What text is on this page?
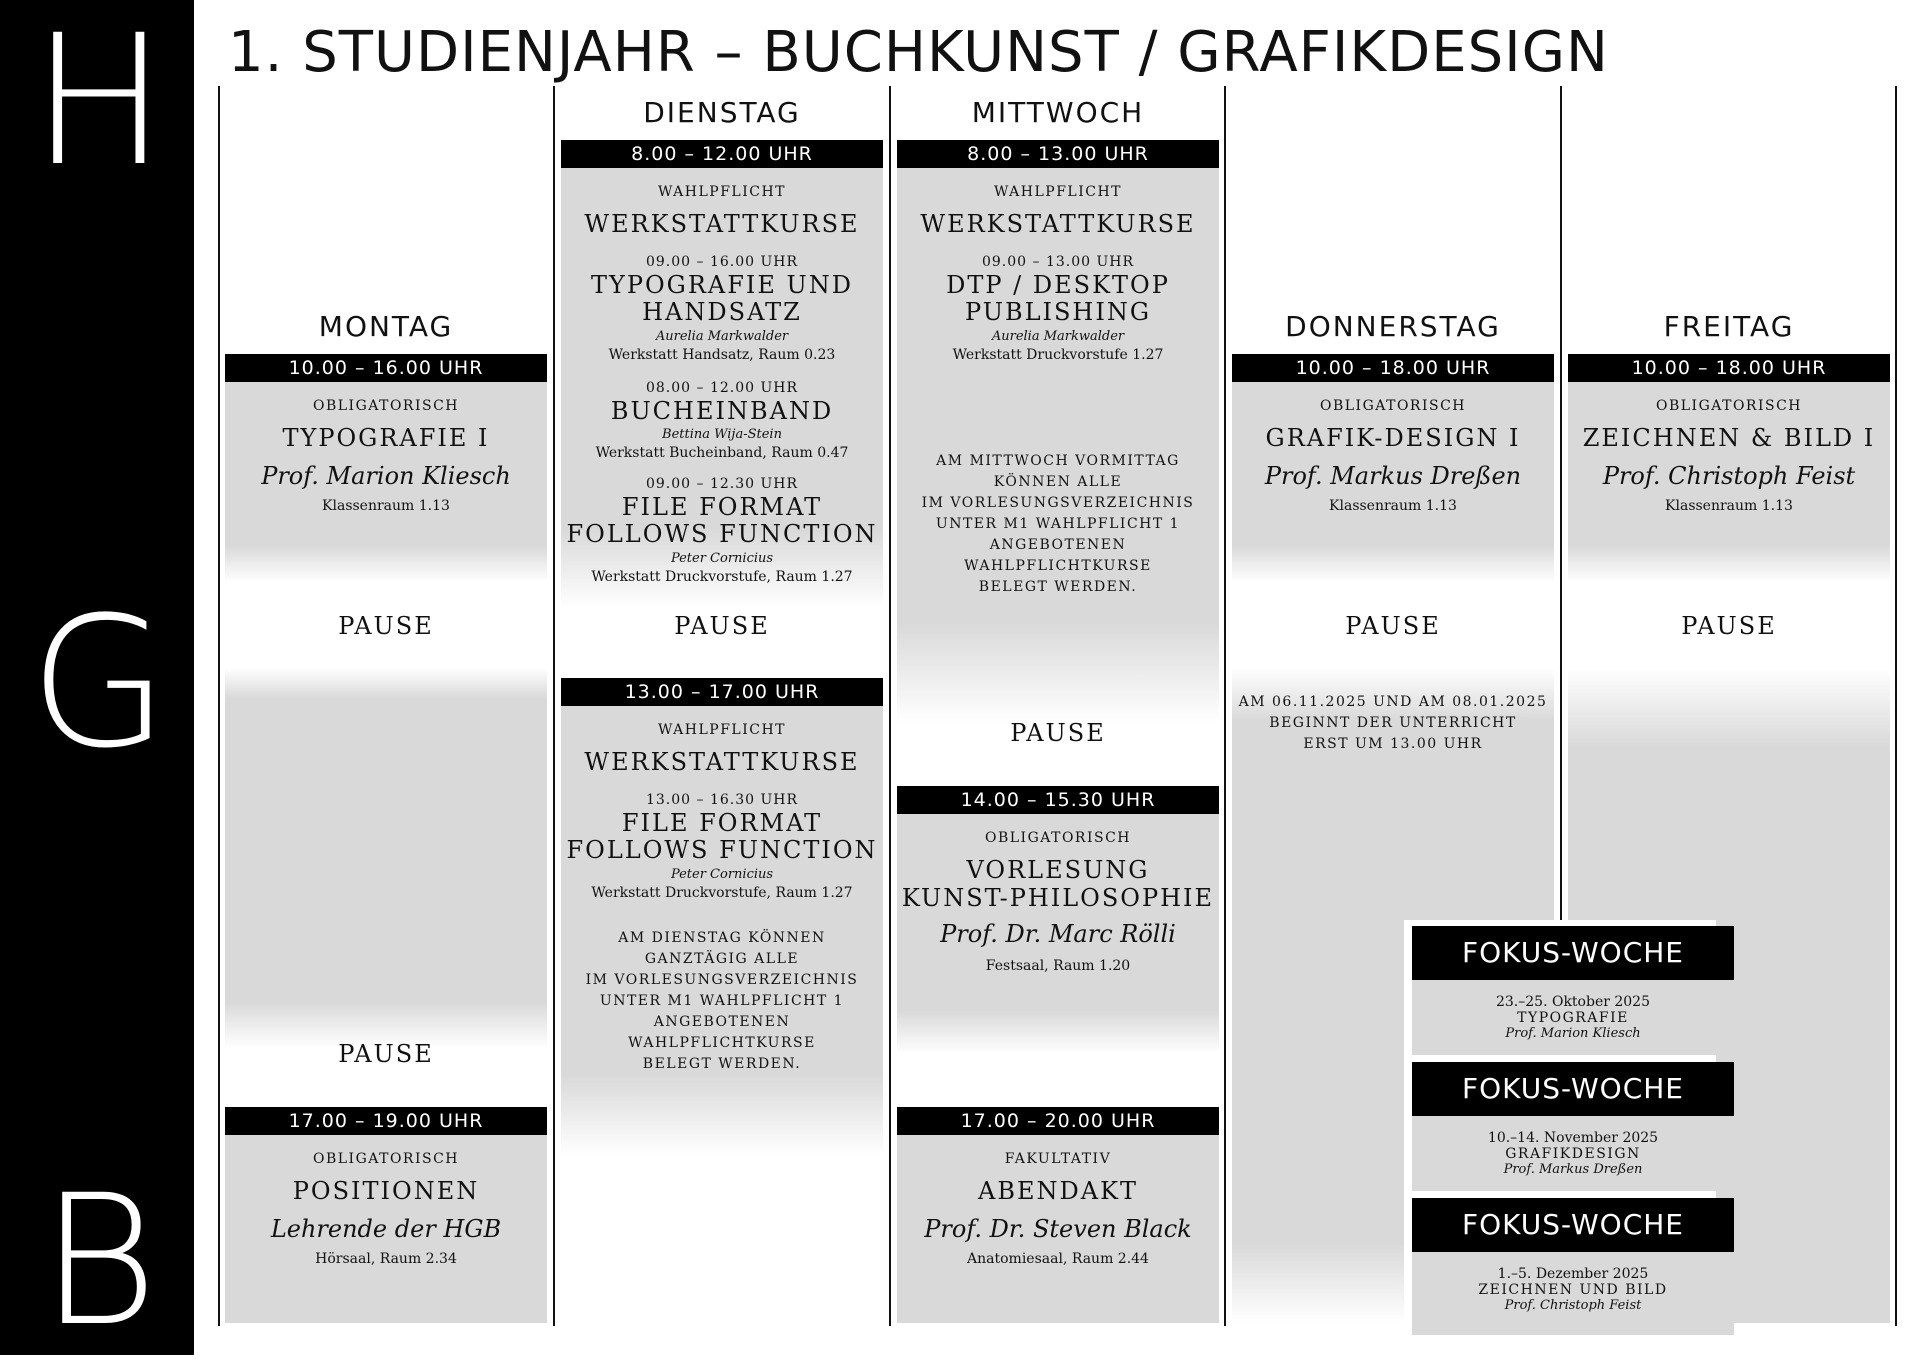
H
G
B
1. STUDIENJAHR – BUCHKUNST / GRAFIKDESIGN
MONTAG
10.00 – 16.00 UHR
OBLIGATORISCH
TYPOGRAFIE I
Prof. Marion Kliesch
Klassenraum 1.13
PAUSE
PAUSE
17.00 – 19.00 UHR
OBLIGATORISCH
POSITIONEN
Lehrende der HGB
Hörsaal, Raum 2.34
DIENSTAG
8.00 – 12.00 UHR
WAHLPFLICHT
WERKSTATTKURSE
09.00 – 16.00 UHR
TYPOGRAFIE UND
HANDSATZ
Aurelia Markwalder
Werkstatt Handsatz, Raum 0.23
08.00 – 12.00 UHR
BUCHEINBAND
Bettina Wija-Stein
Werkstatt Bucheinband, Raum 0.47
09.00 – 12.30 UHR
FILE FORMAT
FOLLOWS FUNCTION
Peter Cornicius
Werkstatt Druckvorstufe, Raum 1.27
PAUSE
13.00 – 17.00 UHR
WAHLPFLICHT
WERKSTATTKURSE
13.00 – 16.30 UHR
FILE FORMAT
FOLLOWS FUNCTION
Peter Cornicius
Werkstatt Druckvorstufe, Raum 1.27
AM DIENSTAG KÖNNEN
GANZTÄGIG ALLE
IM VORLESUNGSVERZEICHNIS
UNTER M1 WAHLPFLICHT 1
ANGEBOTENEN
WAHLPFLICHTKURSE
BELEGT WERDEN.
MITTWOCH
8.00 – 13.00 UHR
WAHLPFLICHT
WERKSTATTKURSE
09.00 – 13.00 UHR
DTP / DESKTOP
PUBLISHING
Aurelia Markwalder
Werkstatt Druckvorstufe 1.27
AM MITTWOCH VORMITTAG
KÖNNEN ALLE
IM VORLESUNGSVERZEICHNIS
UNTER M1 WAHLPFLICHT 1
ANGEBOTENEN
WAHLPFLICHTKURSE
BELEGT WERDEN.
PAUSE
14.00 – 15.30 UHR
OBLIGATORISCH
VORLESUNG
KUNST-PHILOSOPHIE
Prof. Dr. Marc Rölli
Festsaal, Raum 1.20
17.00 – 20.00 UHR
FAKULTATIV
ABENDAKT
Prof. Dr. Steven Black
Anatomiesaal, Raum 2.44
DONNERSTAG
10.00 – 18.00 UHR
OBLIGATORISCH
GRAFIK-DESIGN I
Prof. Markus Dreßen
Klassenraum 1.13
PAUSE
AM 06.11.2025 UND AM 08.01.2025
BEGINNT DER UNTERRICHT
ERST UM 13.00 UHR
FREITAG
10.00 – 18.00 UHR
OBLIGATORISCH
ZEICHNEN & BILD I
Prof. Christoph Feist
Klassenraum 1.13
PAUSE
FOKUS-WOCHE
23.–25. Oktober 2025
TYPOGRAFIE
Prof. Marion Kliesch
FOKUS-WOCHE
10.–14. November 2025
GRAFIKDESIGN
Prof. Markus Dreßen
FOKUS-WOCHE
1.–5. Dezember 2025
ZEICHNEN UND BILD
Prof. Christoph Feist
